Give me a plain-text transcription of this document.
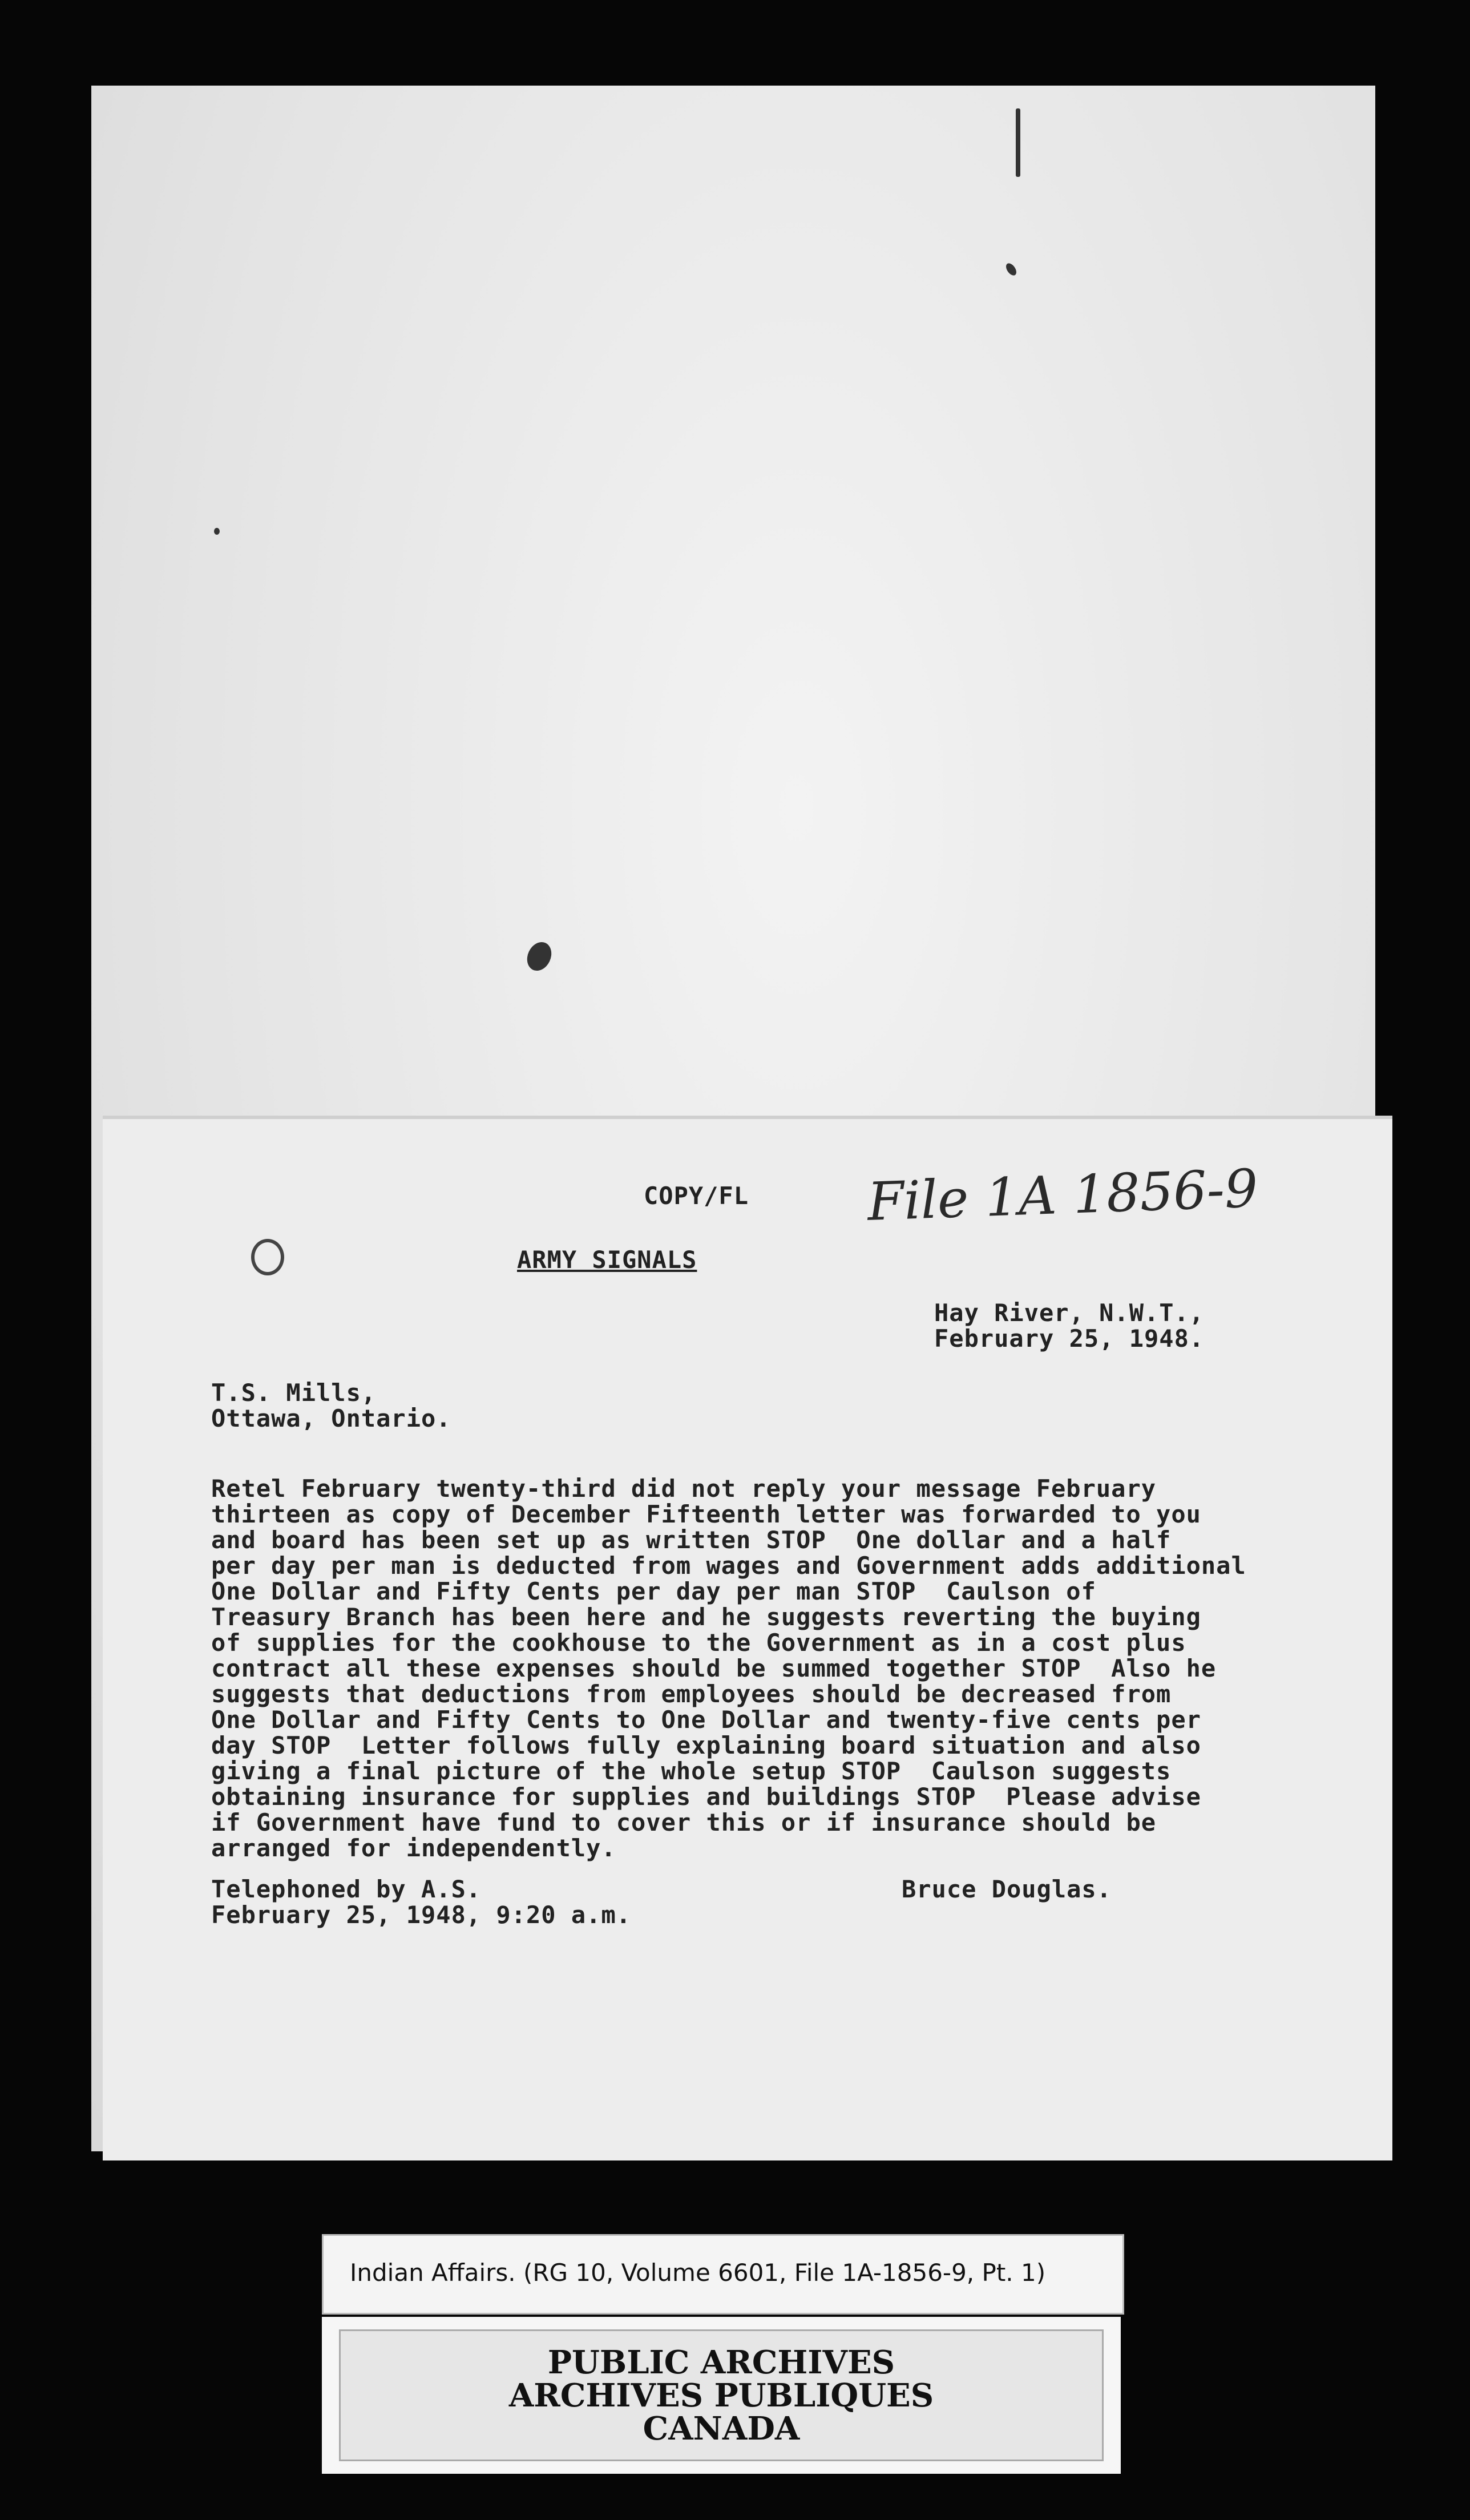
COPY/FL File 1A 1856-9
ARMY SIGNALS
Hay River, N.W.T.,
February 25, 1948.
T.S. Mills,
Ottawa, Ontario.

Retel February twenty-third did not reply your message February
thirteen as copy of December Fifteenth letter was forwarded to you
and board has been set up as written STOP  One dollar and a half
per day per man is deducted from wages and Government adds additional
One Dollar and Fifty Cents per day per man STOP  Caulson of
Treasury Branch has been here and he suggests reverting the buying
of supplies for the cookhouse to the Government as in a cost plus
contract all these expenses should be summed together STOP  Also he
suggests that deductions from employees should be decreased from
One Dollar and Fifty Cents to One Dollar and twenty-five cents per
day STOP  Letter follows fully explaining board situation and also
giving a final picture of the whole setup STOP  Caulson suggests
obtaining insurance for supplies and buildings STOP  Please advise
if Government have fund to cover this or if insurance should be
arranged for independently.

Telephoned by A.S.
February 25, 1948, 9:20 a.m.
Bruce Douglas.
Indian Affairs. (RG 10, Volume 6601, File 1A-1856-9, Pt. 1)
PUBLIC ARCHIVES
ARCHIVES PUBLIQUES
CANADA
